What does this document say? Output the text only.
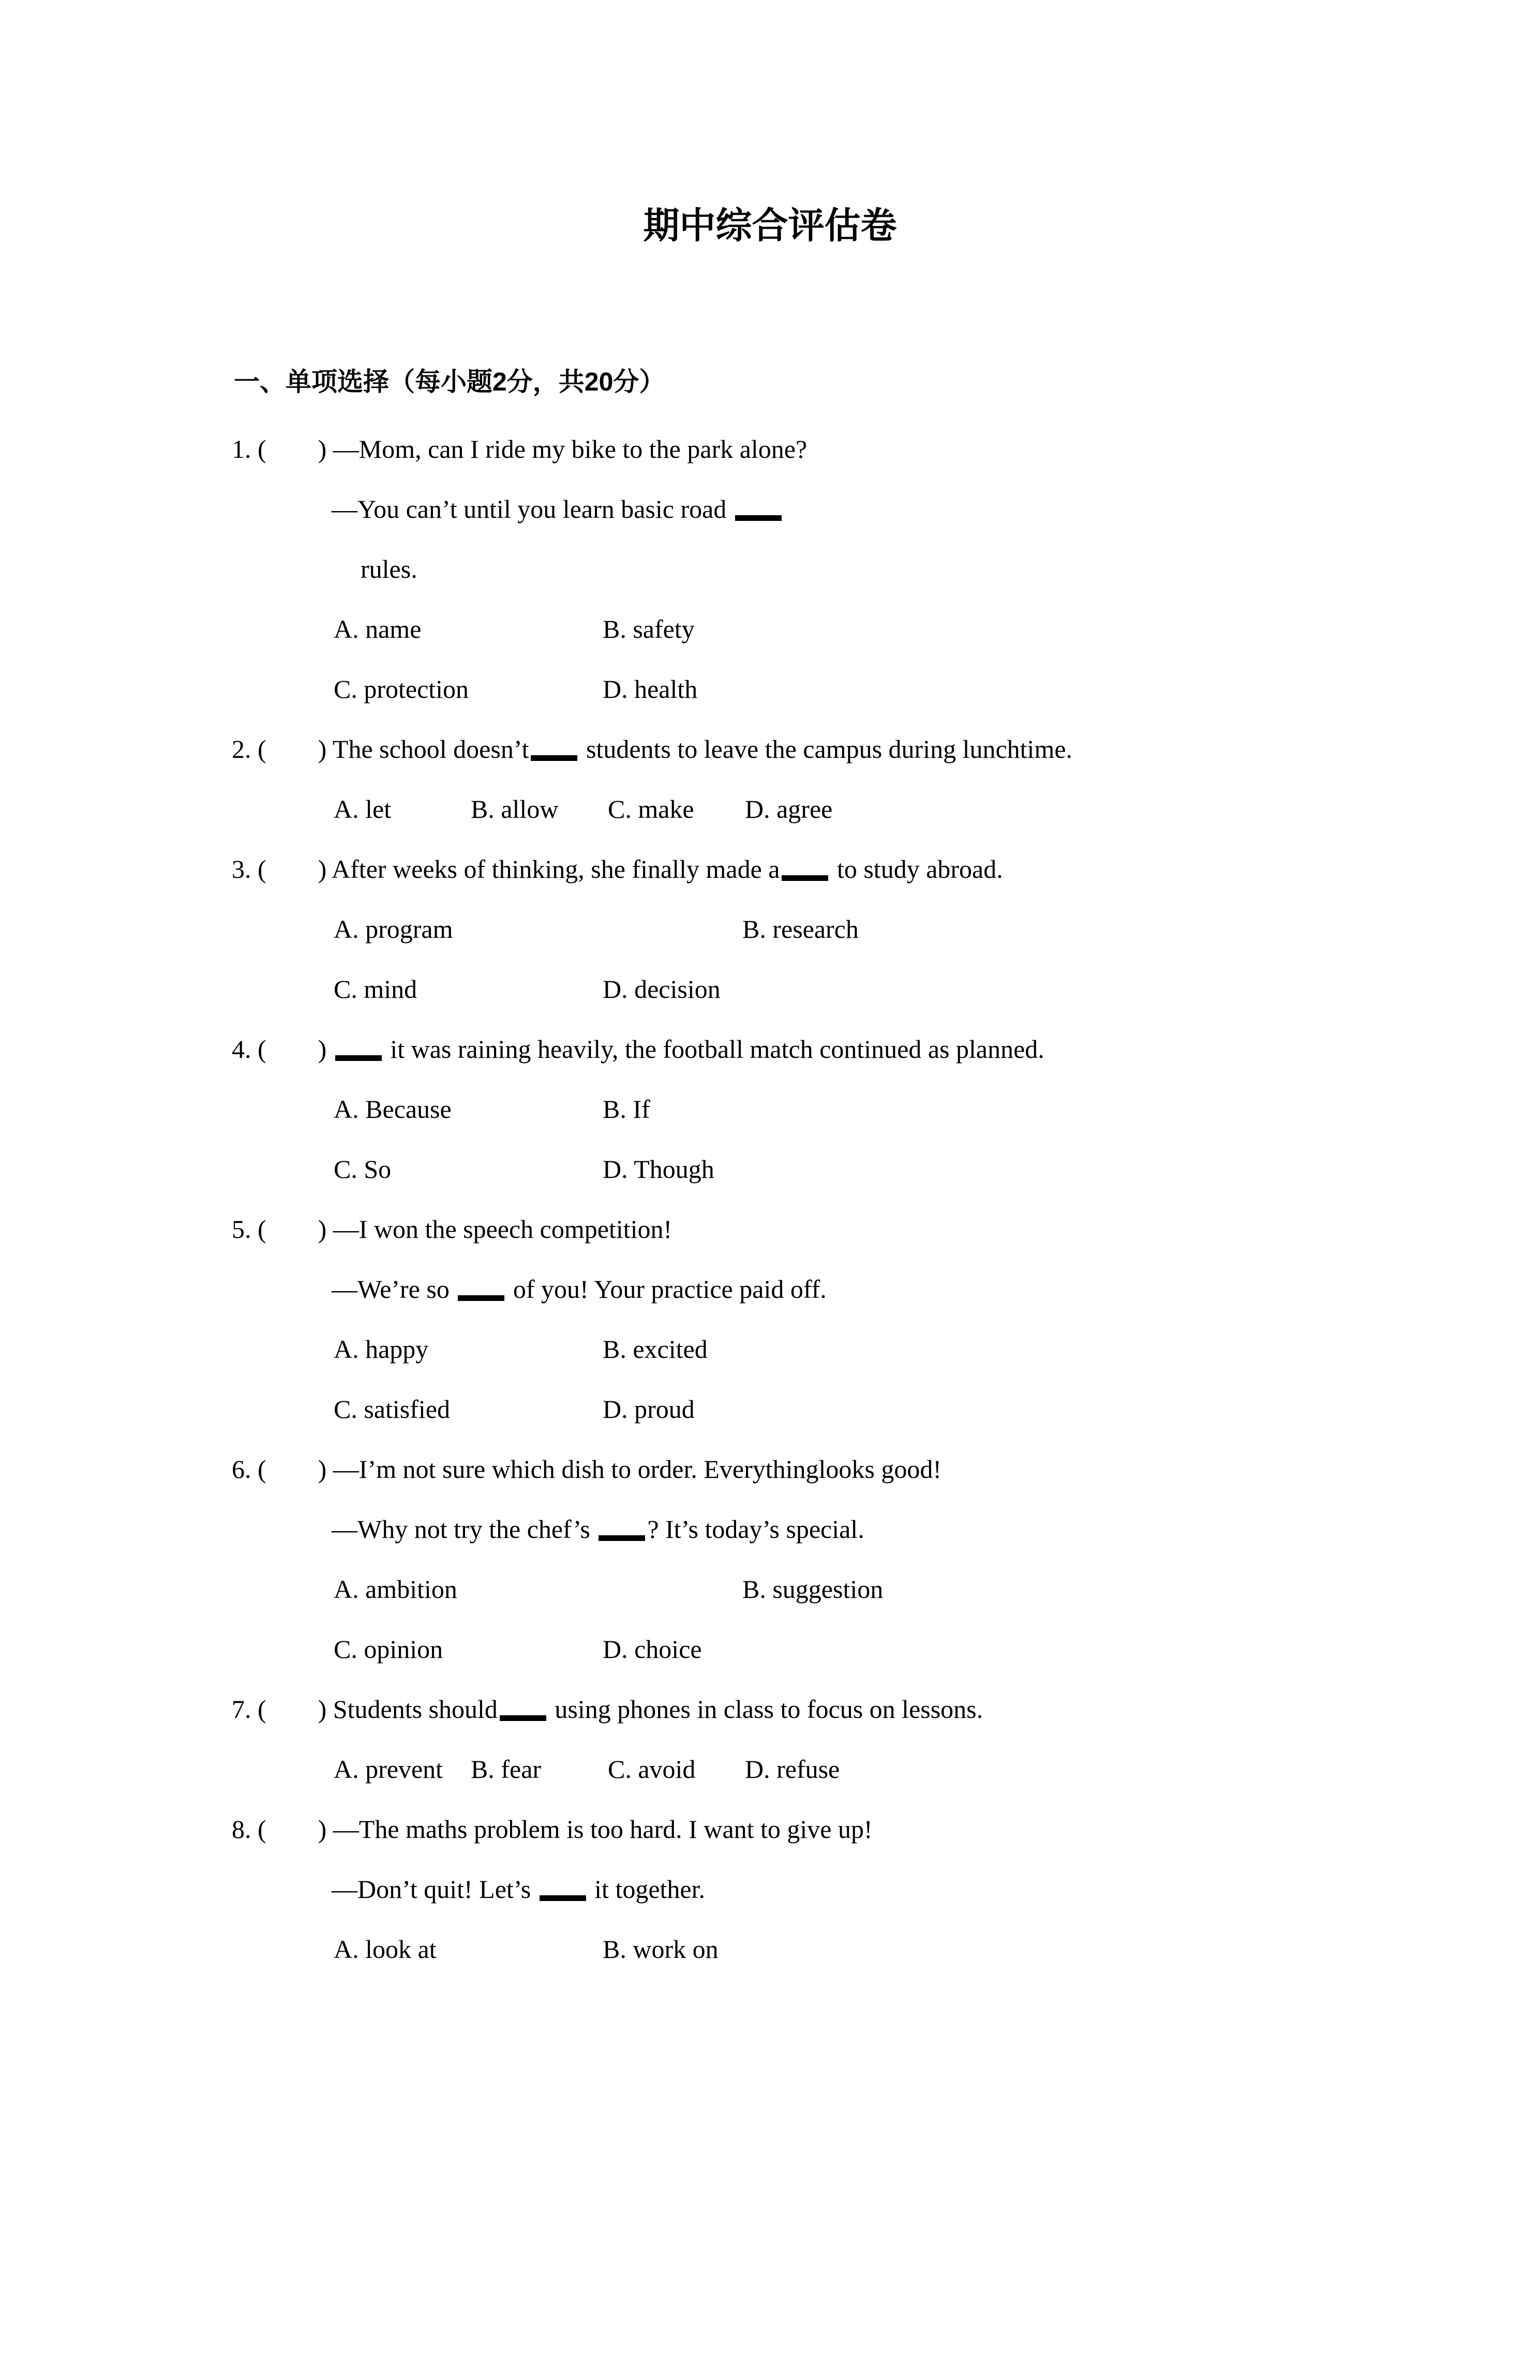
期中综合评估卷
一、单项选择（每小题2分，共20分）
1. (        ) —Mom, can I ride my bike to the park alone?
—You can’t until you learn basic road
rules.
A. name	B. safety
C. protection	D. health
2. (        ) The school doesn’t students to leave the campus during lunchtime.
A. let	B. allow C. make D. agree
3. (        ) After weeks of thinking, she finally made a to study abroad.
A. program	B. research
C. mind	D. decision
4. (        )  it was raining heavily, the football match continued as planned.
A. Because	B. If
C. So	D. Though
5. (        ) —I won the speech competition!
—We’re so  of you! Your practice paid off.
A. happy	B. excited
C. satisfied	D. proud
6. (        ) —I’m not sure which dish to order. Everythinglooks good!
—Why not try the chef’s ? It’s today’s special.
A. ambition	B. suggestion
C. opinion	D. choice
7. (        ) Students should using phones in class to focus on lessons.
A. prevent B. fear	C. avoid D. refuse
8. (        ) —The maths problem is too hard. I want to give up!
—Don’t quit! Let’s  it together.
A. look at	B. work on
